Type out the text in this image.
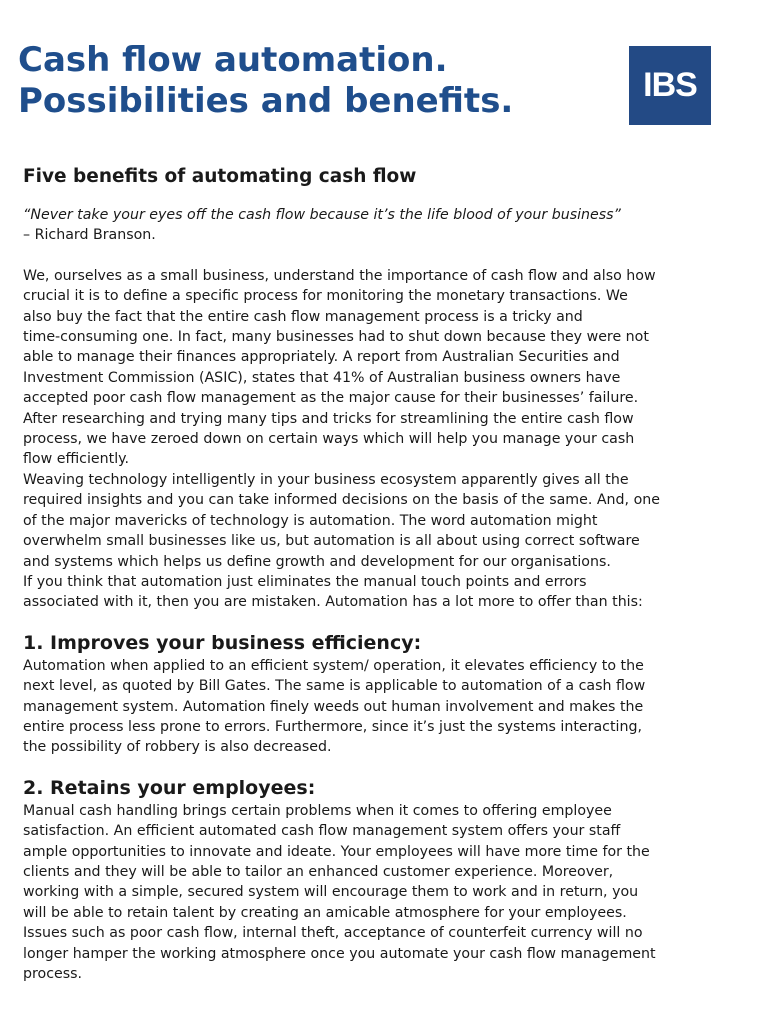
Cash flow automation.
Possibilities and benefits.	IBS
Five benefits of automating cash flow

“Never take your eyes off the cash flow because it’s the life blood of your business”

– Richard Branson.

We, ourselves as a small business, understand the importance of cash flow and also how
crucial it is to define a specific process for monitoring the monetary transactions. We
also buy the fact that the entire cash flow management process is a tricky and
time-consuming one. In fact, many businesses had to shut down because they were not
able to manage their finances appropriately. A report from Australian Securities and
Investment Commission (ASIC), states that 41% of Australian business owners have
accepted poor cash flow management as the major cause for their businesses’ failure.
After researching and trying many tips and tricks for streamlining the entire cash flow
process, we have zeroed down on certain ways which will help you manage your cash
flow efficiently.
Weaving technology intelligently in your business ecosystem apparently gives all the
required insights and you can take informed decisions on the basis of the same. And, one
of the major mavericks of technology is automation. The word automation might
overwhelm small businesses like us, but automation is all about using correct software
and systems which helps us define growth and development for our organisations.
If you think that automation just eliminates the manual touch points and errors
associated with it, then you are mistaken. Automation has a lot more to offer than this:
1. Improves your business efficiency:
Automation when applied to an efficient system/ operation, it elevates efficiency to the
next level, as quoted by Bill Gates. The same is applicable to automation of a cash flow
management system. Automation finely weeds out human involvement and makes the
entire process less prone to errors. Furthermore, since it’s just the systems interacting,
the possibility of robbery is also decreased.
2. Retains your employees:
Manual cash handling brings certain problems when it comes to offering employee
satisfaction. An efficient automated cash flow management system offers your staff
ample opportunities to innovate and ideate. Your employees will have more time for the
clients and they will be able to tailor an enhanced customer experience. Moreover,
working with a simple, secured system will encourage them to work and in return, you
will be able to retain talent by creating an amicable atmosphere for your employees.
Issues such as poor cash flow, internal theft, acceptance of counterfeit currency will no
longer hamper the working atmosphere once you automate your cash flow management
process.
